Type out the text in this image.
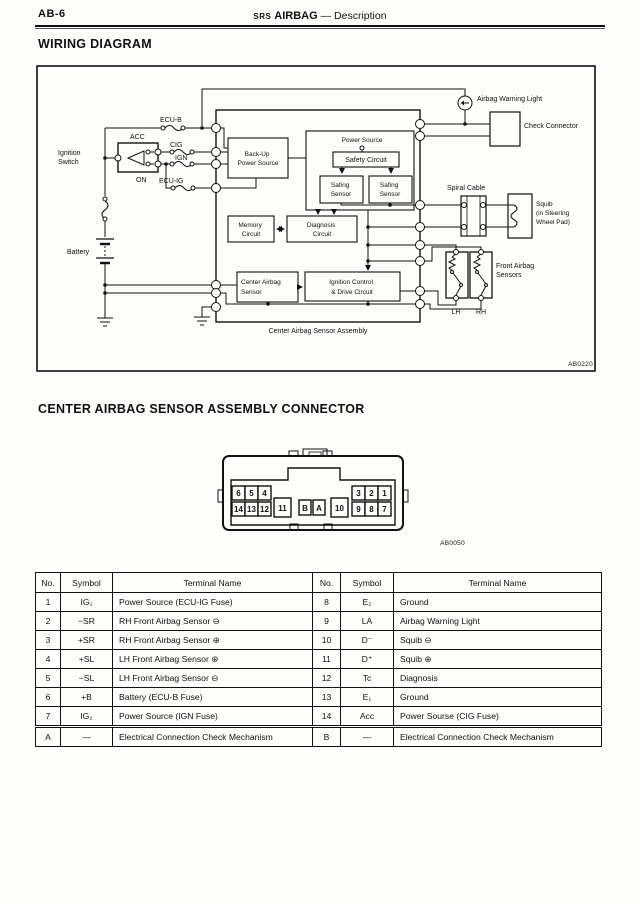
AB-6	SRS AIRBAG — Description
WIRING DIAGRAM
CENTER AIRBAG SENSOR ASSEMBLY CONNECTOR
Back-Up Power Source
Power Source
Safety Circuit
Safing Sensor
Safing Sensor
Memory Circuit
Diagnosis Circuit
Center Airbag Sensor
Ignition Control & Drive Circuit
Ignition Switch
ACC
ON
ECU-B
CIG
IGN
ECU-IG
Battery
Airbag Warning Light
Check Connector
Spiral Cable
Squib (in Steering Wheel Pad)
Front Airbag Sensors
LH RH
Center Airbag Sensor Assembly
AB0220
6 5 4
14 13 12 11 B A 10
3 2 1
9 8 7
AB0050
No.	Symbol	Terminal Name	No.	Symbol	Terminal Name
1	IG₁	Power Source (ECU-IG Fuse)	8	E₂	Ground
2	−SR	RH Front Airbag Sensor ⊖	9	LA	Airbag Warning Light
3	+SR	RH Front Airbag Sensor ⊕	10	D⁻	Squib ⊖
4	+SL	LH Front Airbag Sensor ⊕	11	D⁺	Squib ⊕
5	−SL	LH Front Airbag Sensor ⊖	12	Tc	Diagnosis
6	+B	Battery (ECU-B Fuse)	13	E₁	Ground
7	IG₂	Power Source (IGN Fuse)	14	Acc	Power Sourse (CIG Fuse)
A	—	Electrical Connection Check Mechanism	B	—	Electrical Connection Check Mechanism
